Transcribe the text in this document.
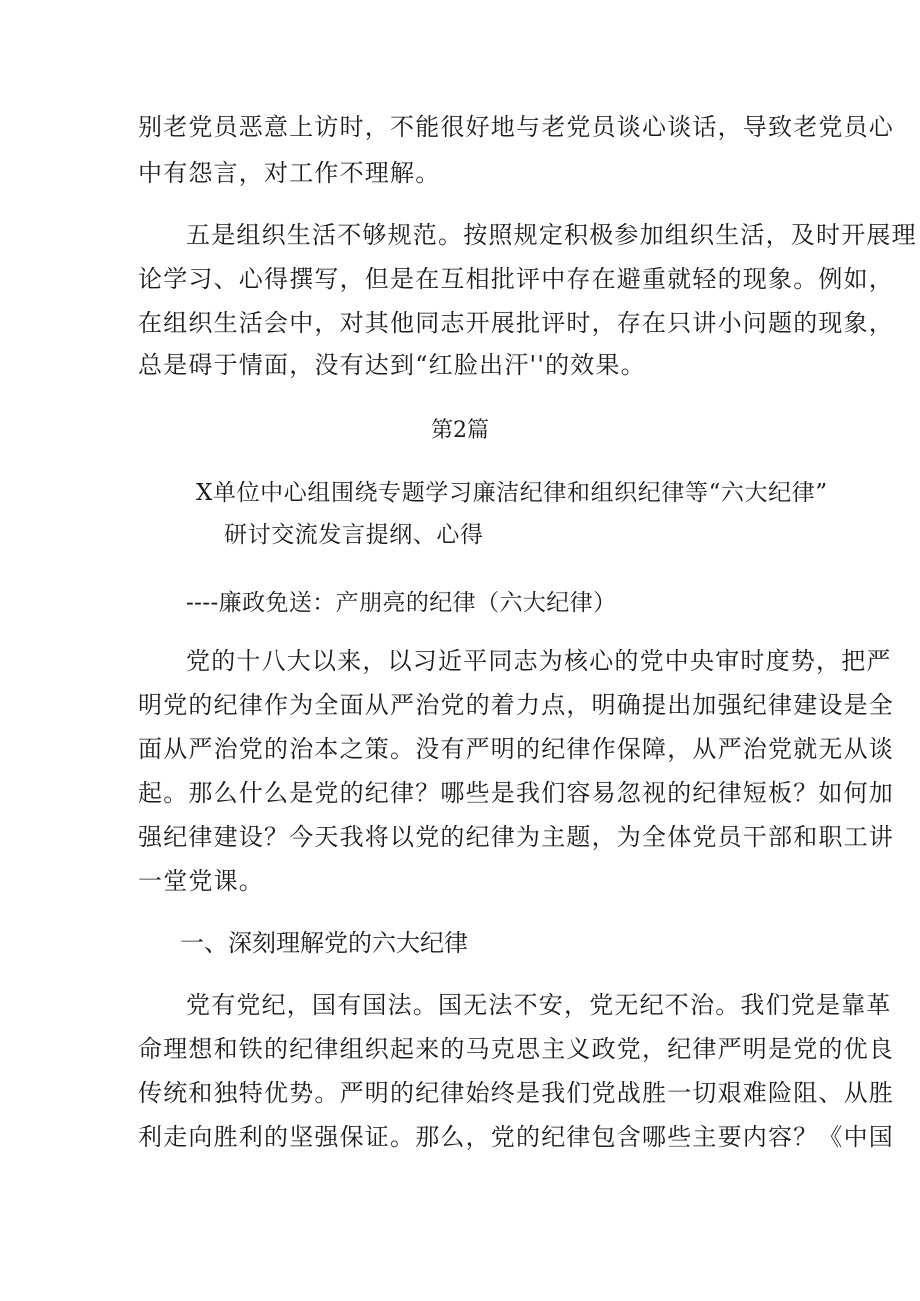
别老党员恶意上访时，不能很好地与老党员谈心谈话，导致老党员心
中有怨言，对工作不理解。
五是组织生活不够规范。按照规定积极参加组织生活，及时开展理
论学习、心得撰写，但是在互相批评中存在避重就轻的现象。例如，
在组织生活会中，对其他同志开展批评时，存在只讲小问题的现象，
总是碍于情面，没有达到“红脸出汗''的效果。
第2篇
X单位中心组围绕专题学习廉洁纪律和组织纪律等“六大纪律”
研讨交流发言提纲、心得
----廉政免送：产朋亮的纪律（六大纪律）
党的十八大以来，以习近平同志为核心的党中央审时度势，把严
明党的纪律作为全面从严治党的着力点，明确提出加强纪律建设是全
面从严治党的治本之策。没有严明的纪律作保障，从严治党就无从谈
起。那么什么是党的纪律？哪些是我们容易忽视的纪律短板？如何加
强纪律建设？今天我将以党的纪律为主题，为全体党员干部和职工讲
一堂党课。
一、深刻理解党的六大纪律
党有党纪，国有国法。国无法不安，党无纪不治。我们党是靠革
命理想和铁的纪律组织起来的马克思主义政党，纪律严明是党的优良
传统和独特优势。严明的纪律始终是我们党战胜一切艰难险阻、从胜
利走向胜利的坚强保证。那么，党的纪律包含哪些主要内容？《中国
